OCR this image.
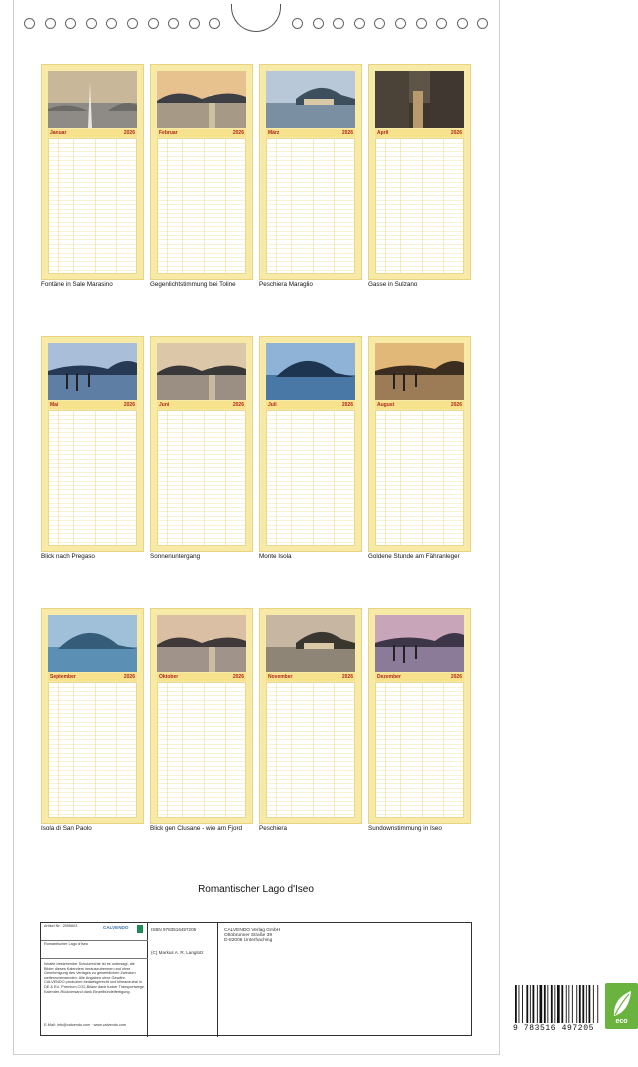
Januar	2026
Fontäne in Sale Marasino
Februar	2026
Gegenlichtstimmung bei Toline
März	2026
Peschiera Maraglio
April	2026
Gasse in Sulzano
Mai	2026
Blick nach Pregaso
Juni	2026
Sonnenuntergang
Juli	2026
Monte Isola
August	2026
Goldene Stunde am Fähranleger
September	2026
Isola di San Paolo
Oktober	2026
Blick gen Clusane - wie am Fjord
November	2026
Peschiera
Dezember	2026
Sundownstimmung in Iseo
Romantischer Lago d'Iseo
Artikel Nr.: 2595603	CALVENDO
Romantischer Lago d'Iseo
Inhalte bestehender Schutzrechte ist es untersagt, die Bilder dieses Kalenders herauszutrennen und ohne Genehmigung des Verlages zu gewerblichen Zwecken weiterzuverwenden. Alle Angaben ohne Gewähr. CALVENDO produziert bedarfsgerecht und klimaneutral in DE & EU. Premium CO2-Bilanz dank tucker Transportwege. Kalender-Rückversand dank Einzelbündelfertigung.
E-Mail: info@calvendo.com · www.calvendo.com
ISBN 9783516497205
(C) Markus A. R. Langlotz
CALVENDO Verlag GmbH
Ottobrunner Straße 39
D-82008 Unterhaching
9 783516 497205
eco
